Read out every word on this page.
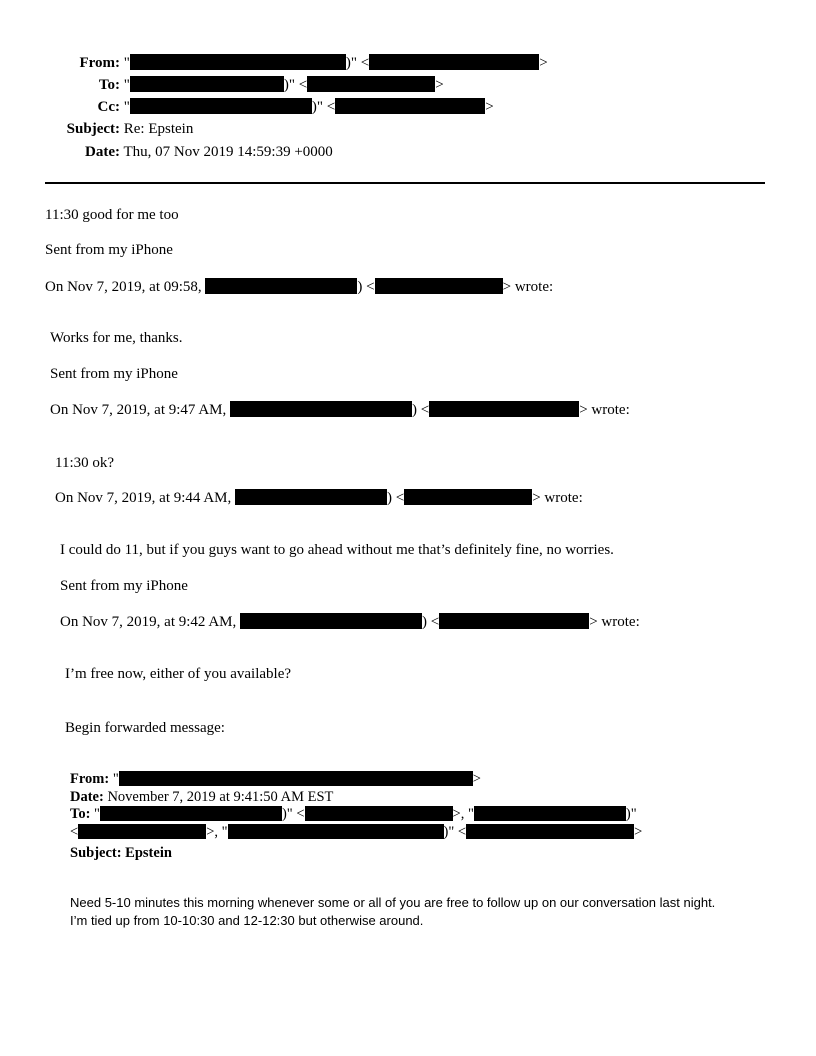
From: "	)" <	>
To: "	)" <	>
Cc: "	)" <	>
Subject: Re: Epstein
Date: Thu, 07 Nov 2019 14:59:39 +0000
11:30 good for me too
Sent from my iPhone
On Nov 7, 2019, at 09:58,	) <	> wrote:
Works for me, thanks.
Sent from my iPhone
On Nov 7, 2019, at 9:47 AM,	) <	> wrote:
11:30 ok?
On Nov 7, 2019, at 9:44 AM,	) <	> wrote:
I could do 11, but if you guys want to go ahead without me that’s definitely fine, no worries.
Sent from my iPhone
On Nov 7, 2019, at 9:42 AM,	) <	> wrote:
I’m free now, either of you available?
Begin forwarded message:
From: "	>
Date: November 7, 2019 at 9:41:50 AM EST
To: "	)" <	>, "	)"
<	>, "	)" <	>
Subject: Epstein
Need 5-10 minutes this morning whenever some or all of you are free to follow up on our conversation last night.
I’m tied up from 10-10:30 and 12-12:30 but otherwise around.
